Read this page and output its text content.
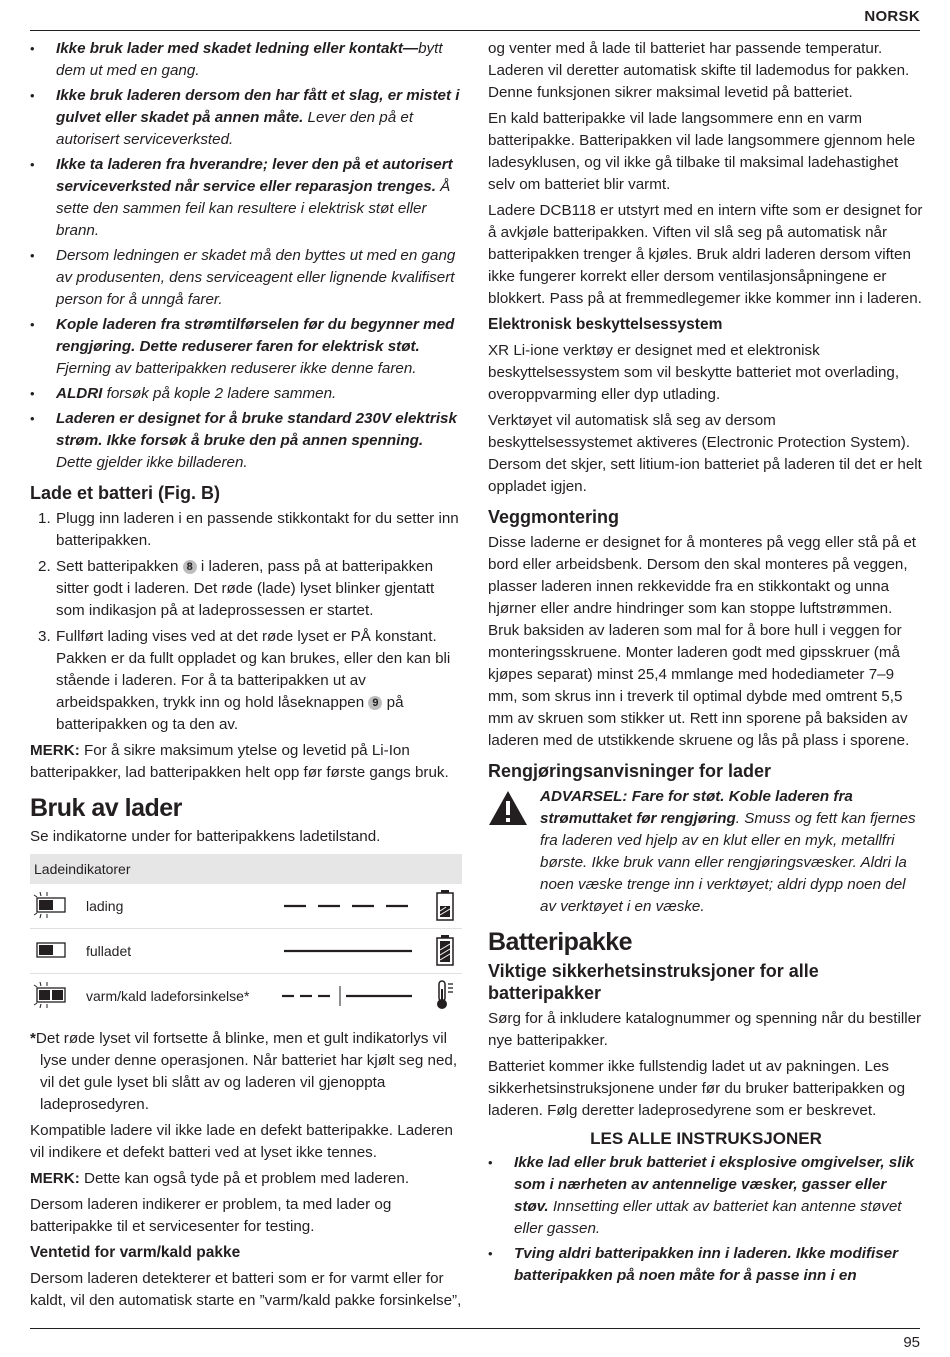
NORSK
• Ikke bruk lader med skadet ledning eller kontakt—bytt dem ut med en gang.
• Ikke bruk laderen dersom den har fått et slag, er mistet i gulvet eller skadet på annen måte. Lever den på et autorisert serviceverksted.
• Ikke ta laderen fra hverandre; lever den på et autorisert serviceverksted når service eller reparasjon trenges. Å sette den sammen feil kan resultere i elektrisk støt eller brann.
• Dersom ledningen er skadet må den byttes ut med en gang av produsenten, dens serviceagent eller lignende kvalifisert person for å unngå farer.
• Kople laderen fra strømtilførselen før du begynner med rengjøring. Dette reduserer faren for elektrisk støt. Fjerning av batteripakken reduserer ikke denne faren.
• ALDRI forsøk på kople 2 ladere sammen.
• Laderen er designet for å bruke standard 230V elektrisk strøm. Ikke forsøk å bruke den på annen spenning. Dette gjelder ikke billaderen.
Lade et batteri (Fig. B)
1. Plugg inn laderen i en passende stikkontakt for du setter inn batteripakken.
2. Sett batteripakken 8 i laderen, pass på at batteripakken sitter godt i laderen. Det røde (lade) lyset blinker gjentatt som indikasjon på at ladeprossessen er startet.
3. Fullført lading vises ved at det røde lyset er PÅ konstant. Pakken er da fullt oppladet og kan brukes, eller den kan bli stående i laderen. For å ta batteripakken ut av arbeidspakken, trykk inn og hold låseknappen 9 på batteripakken og ta den av.

MERK: For å sikre maksimum ytelse og levetid på Li-Ion batteripakker, lad batteripakken helt opp før første gangs bruk.

Bruk av lader

Se indikatorne under for batteripakkens ladetilstand.

Ladeindikatorer
lading
fulladet
varm/kald ladeforsinkelse*

*Det røde lyset vil fortsette å blinke, men et gult indikatorlys vil lyse under denne operasjonen. Når batteriet har kjølt seg ned, vil det gule lyset bli slått av og laderen vil gjenoppta ladeprosedyren.

Kompatible ladere vil ikke lade en defekt batteripakke. Laderen vil indikere et defekt batteri ved at lyset ikke tennes.

MERK: Dette kan også tyde på et problem med laderen.

Dersom laderen indikerer er problem, ta med lader og batteripakke til et servicesenter for testing.

Ventetid for varm/kald pakke

Dersom laderen detekterer et batteri som er for varmt eller for kaldt, vil den automatisk starte en ”varm/kald pakke forsinkelse”,

og venter med å lade til batteriet har passende temperatur. Laderen vil deretter automatisk skifte til lademodus for pakken. Denne funksjonen sikrer maksimal levetid på batteriet.

En kald batteripakke vil lade langsommere enn en varm batteripakke. Batteripakken vil lade langsommere gjennom hele ladesyklusen, og vil ikke gå tilbake til maksimal ladehastighet selv om batteriet blir varmt.

Ladere DCB118 er utstyrt med en intern vifte som er designet for å avkjøle batteripakken. Viften vil slå seg på automatisk når batteripakken trenger å kjøles. Bruk aldri laderen dersom viften ikke fungerer korrekt eller dersom ventilasjonsåpningene er blokkert. Pass på at fremmedlegemer ikke kommer inn i laderen.

Elektronisk beskyttelsessystem

XR Li-ione verktøy er designet med et elektronisk beskyttelsessystem som vil beskytte batteriet mot overlading, overoppvarming eller dyp utlading.

Verktøyet vil automatisk slå seg av dersom beskyttelsessystemet aktiveres (Electronic Protection System). Dersom det skjer, sett litium-ion batteriet på laderen til det er helt oppladet igjen.

Veggmontering

Disse laderne er designet for å monteres på vegg eller stå på et bord eller arbeidsbenk. Dersom den skal monteres på veggen, plasser laderen innen rekkevidde fra en stikkontakt og unna hjørner eller andre hindringer som kan stoppe luftstrømmen. Bruk baksiden av laderen som mal for å bore hull i veggen for monteringsskruene. Monter laderen godt med gipsskruer (må kjøpes separat) minst 25,4 mmlange med hodediameter 7–9 mm, som skrus inn i treverk til optimal dybde med omtrent 5,5 mm av skruen som stikker ut. Rett inn sporene på baksiden av laderen med de utstikkende skruene og lås på plass i sporene.

Rengjøringsanvisninger for lader

ADVARSEL: Fare for støt. Koble laderen fra strømuttaket før rengjøring. Smuss og fett kan fjernes fra laderen ved hjelp av en klut eller en myk, metallfri børste. Ikke bruk vann eller rengjøringsvæsker. Aldri la noen væske trenge inn i verktøyet; aldri dypp noen del av verktøyet i en væske.

Batteripakke
Viktige sikkerhetsinstruksjoner for alle batteripakker

Sørg for å inkludere katalognummer og spenning når du bestiller nye batteripakker.

Batteriet kommer ikke fullstendig ladet ut av pakningen. Les sikkerhetsinstruksjonene under før du bruker batteripakken og laderen. Følg deretter ladeprosedyrene som er beskrevet.

LES ALLE INSTRUKSJONER
• Ikke lad eller bruk batteriet i eksplosive omgivelser, slik som i nærheten av antennelige væsker, gasser eller støv. Innsetting eller uttak av batteriet kan antenne støvet eller gassen.
• Tving aldri batteripakken inn i laderen. Ikke modifiser batteripakken på noen måte for å passe inn i en
95
